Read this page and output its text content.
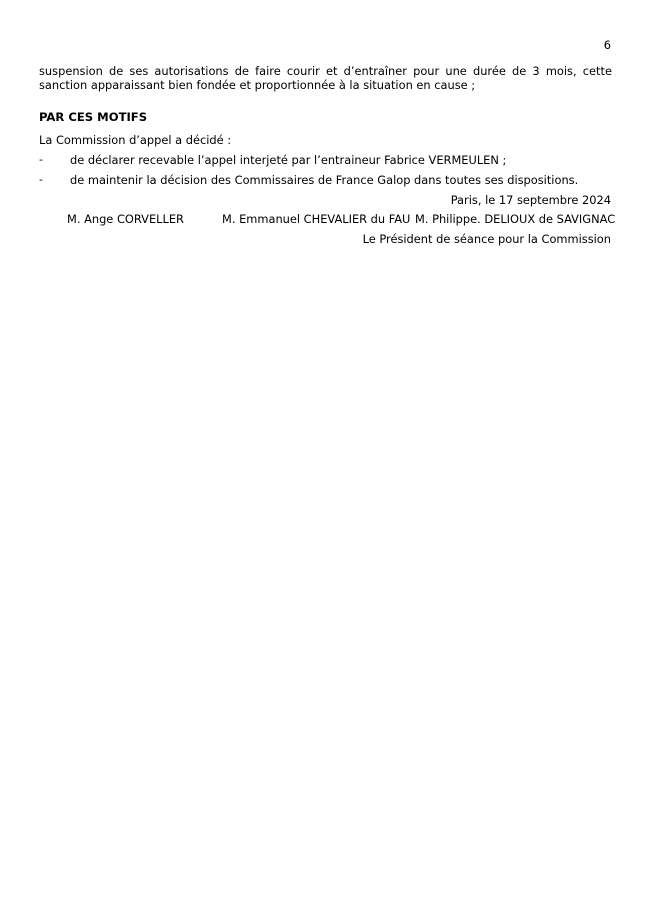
6
suspension de ses autorisations de faire courir et d’entraîner pour une durée de 3 mois, cette sanction apparaissant bien fondée et proportionnée à la situation en cause ;
PAR CES MOTIFS
La Commission d’appel a décidé :
- de déclarer recevable l’appel interjeté par l’entraineur Fabrice VERMEULEN ;
- de maintenir la décision des Commissaires de France Galop dans toutes ses dispositions.
Paris, le 17 septembre 2024
M. Ange CORVELLER	M. Emmanuel CHEVALIER du FAU M. Philippe. DELIOUX de SAVIGNAC
Le Président de séance pour la Commission
